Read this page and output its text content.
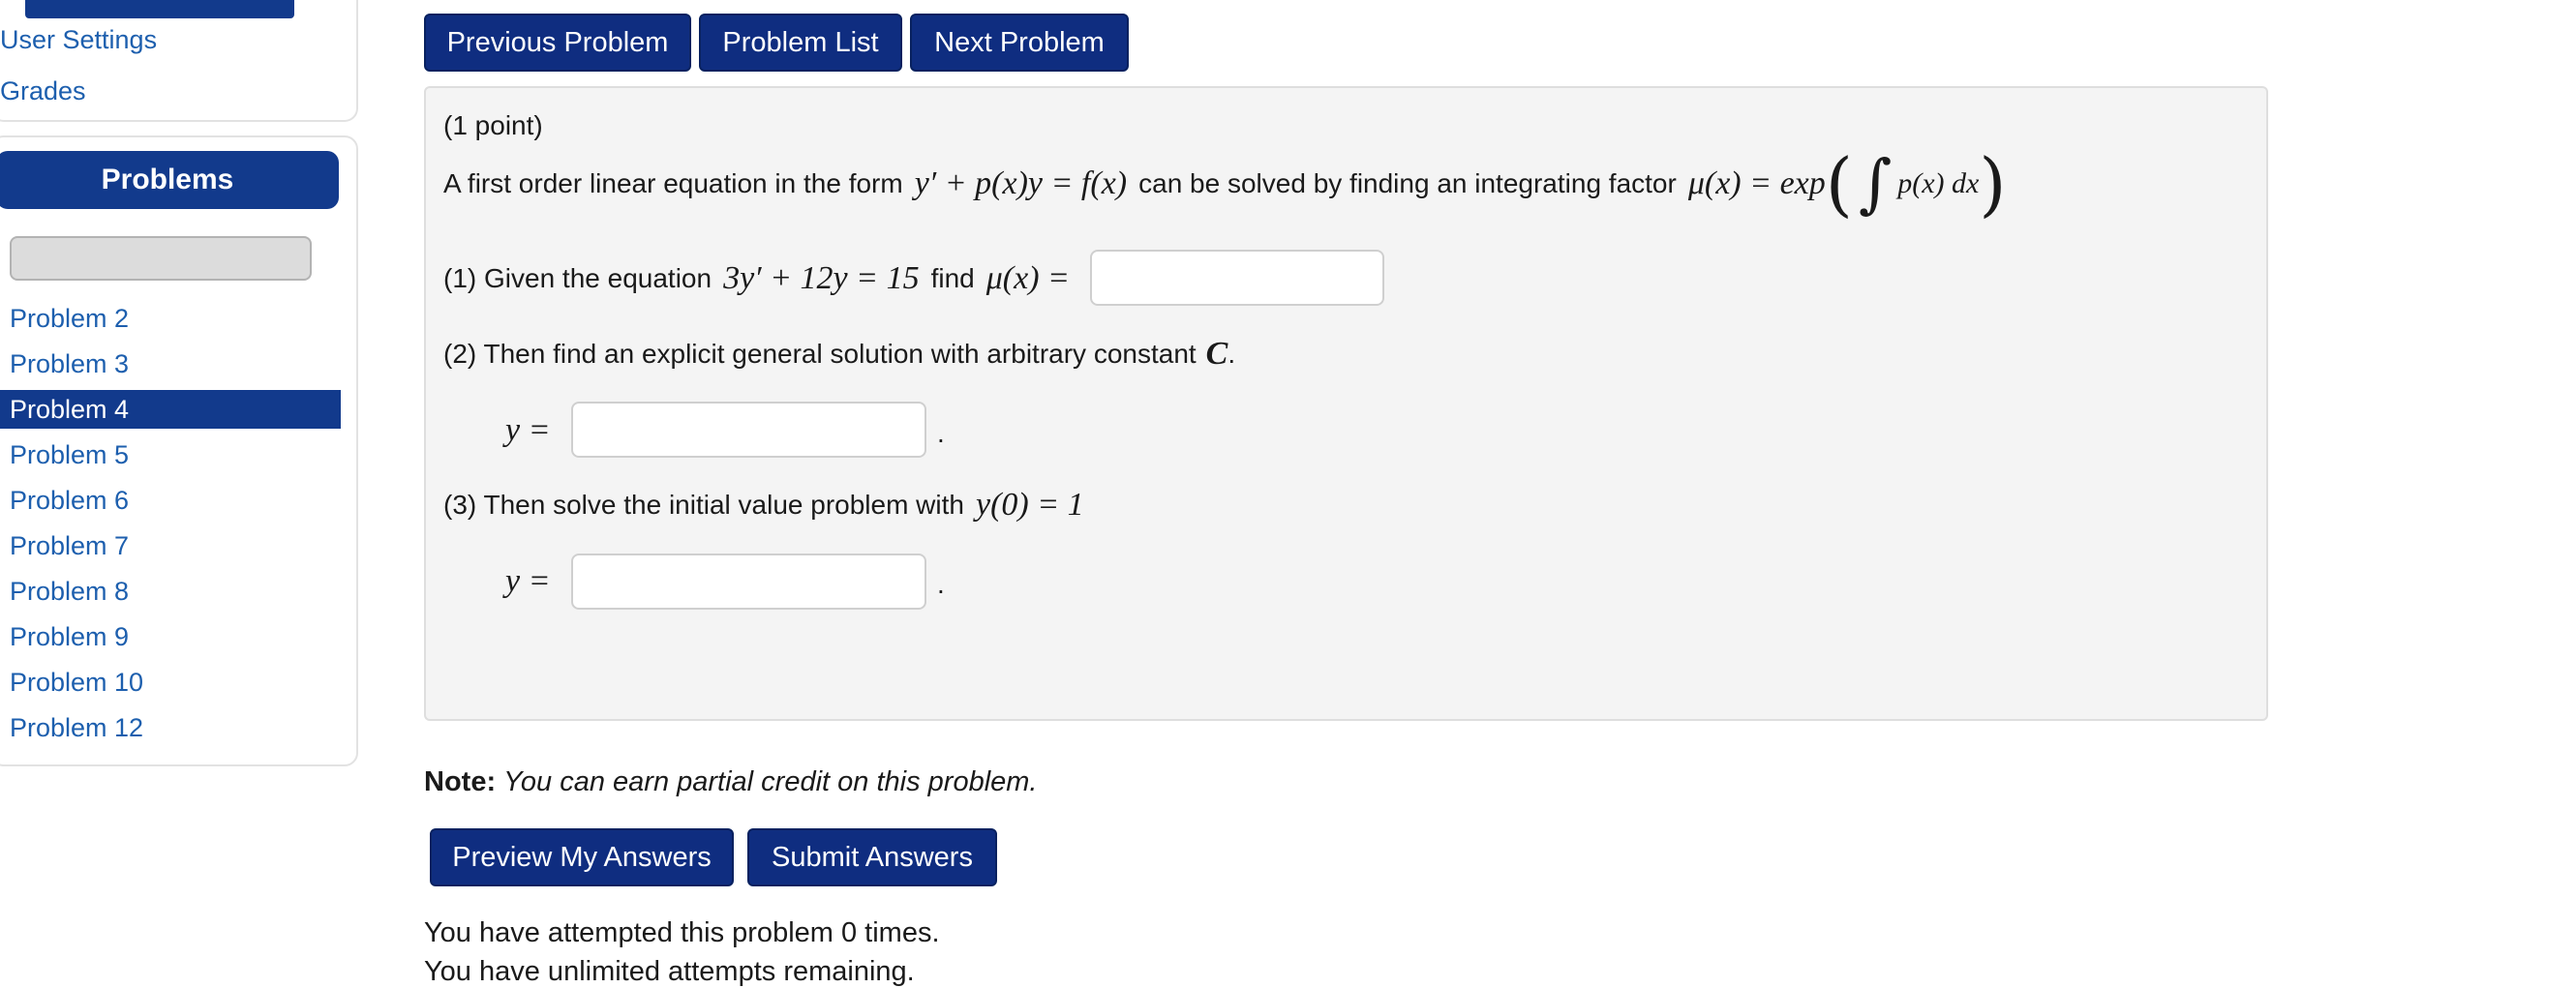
User Settings
Grades
Problems
Problem 2
Problem 3
Problem 4
Problem 5
Problem 6
Problem 7
Problem 8
Problem 9
Problem 10
Problem 12
Previous Problem	Problem List	Next Problem
(1 point)
A first order linear equation in the form y′ + p(x)y = f(x) can be solved by finding an integrating factor μ(x) = exp ( ∫ p(x) dx )
(1) Given the equation 3y′ + 12y = 15 find μ(x) =
(2) Then find an explicit general solution with arbitrary constant C .
y =	.
(3) Then solve the initial value problem with y(0) = 1
y =	.
Note: You can earn partial credit on this problem.
Preview My Answers	Submit Answers
You have attempted this problem 0 times.
You have unlimited attempts remaining.
